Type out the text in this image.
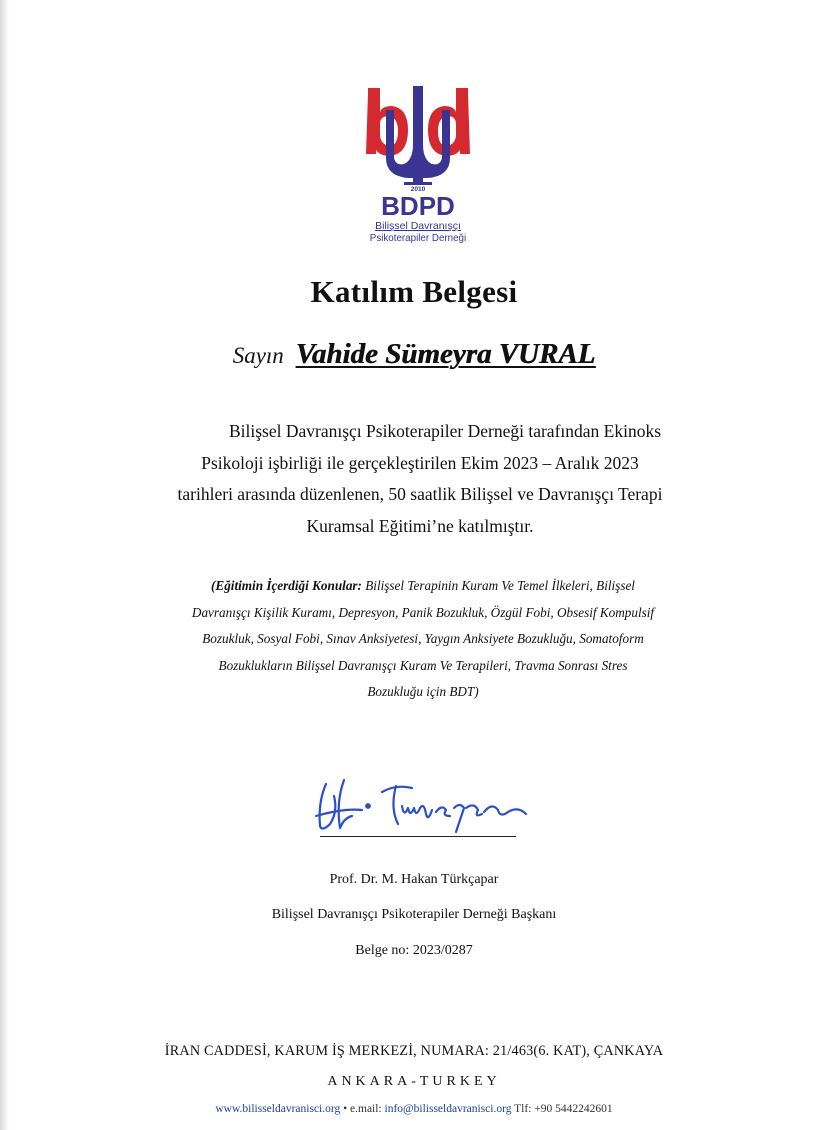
2010
BDPD
Bilişsel Davranışçı
Psikoterapiler Derneği
Katılım Belgesi
Sayın Vahide Sümeyra VURAL
Bilişsel Davranışçı Psikoterapiler Derneği tarafından Ekinoks
Psikoloji işbirliği ile gerçekleştirilen Ekim 2023 – Aralık 2023
tarihleri arasında düzenlenen, 50 saatlik Bilişsel ve Davranışçı Terapi
Kuramsal Eğitimi’ne katılmıştır.
(Eğitimin İçerdiği Konular: Bilişsel Terapinin Kuram Ve Temel İlkeleri, Bilişsel
Davranışçı Kişilik Kuramı, Depresyon, Panik Bozukluk, Özgül Fobi, Obsesif Kompulsif
Bozukluk, Sosyal Fobi, Sınav Anksiyetesi, Yaygın Anksiyete Bozukluğu, Somatoform
Bozuklukların Bilişsel Davranışçı Kuram Ve Terapileri, Travma Sonrası Stres
Bozukluğu için BDT)
Prof. Dr. M. Hakan Türkçapar
Bilişsel Davranışçı Psikoterapiler Derneği Başkanı
Belge no: 2023/0287
İRAN CADDESİ, KARUM İŞ MERKEZİ, NUMARA: 21/463(6. KAT), ÇANKAYA
ANKARA-TURKEY
www.bilisseldavranisci.org • e.mail: info@bilisseldavranisci.org Tlf: +90 5442242601
